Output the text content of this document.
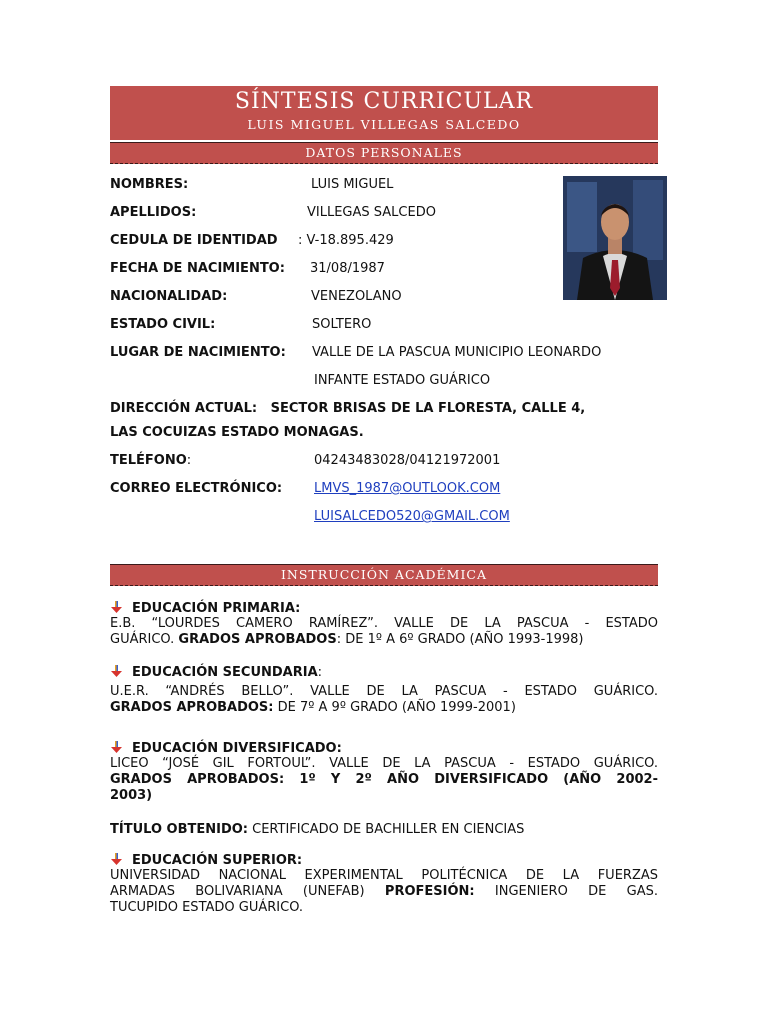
SÍNTESIS CURRICULAR
LUIS MIGUEL VILLEGAS SALCEDO
DATOS PERSONALES
NOMBRES:	LUIS MIGUEL
APELLIDOS:	VILLEGAS SALCEDO
CEDULA DE IDENTIDAD : V-18.895.429
FECHA DE NACIMIENTO: 31/08/1987
NACIONALIDAD:	VENEZOLANO
ESTADO CIVIL:	SOLTERO
LUGAR DE NACIMIENTO: VALLE DE LA PASCUA MUNICIPIO LEONARDO
INFANTE ESTADO GUÁRICO
DIRECCIÓN ACTUAL:   SECTOR BRISAS DE LA FLORESTA, CALLE 4,
LAS COCUIZAS ESTADO MONAGAS.
TELÉFONO:	04243483028/04121972001
CORREO ELECTRÓNICO: LMVS_1987@OUTLOOK.COM
LUISALCEDO520@GMAIL.COM
INSTRUCCIÓN ACADÉMICA
EDUCACIÓN PRIMARIA:
E.B. “LOURDES CAMERO RAMÍREZ”. VALLE DE LA PASCUA - ESTADO
GUÁRICO. GRADOS APROBADOS: DE 1º A 6º GRADO (AÑO 1993-1998)
EDUCACIÓN SECUNDARIA:
U.E.R. “ANDRÉS BELLO”. VALLE DE LA PASCUA - ESTADO GUÁRICO.
GRADOS APROBADOS: DE 7º A 9º GRADO (AÑO 1999-2001)
EDUCACIÓN DIVERSIFICADO:
LICEO “JOSÉ GIL FORTOUL”. VALLE DE LA PASCUA - ESTADO GUÁRICO.
GRADOS APROBADOS: 1º Y 2º AÑO DIVERSIFICADO (AÑO 2002-
2003)
TÍTULO OBTENIDO: CERTIFICADO DE BACHILLER EN CIENCIAS
EDUCACIÓN SUPERIOR:
UNIVERSIDAD NACIONAL EXPERIMENTAL POLITÉCNICA DE LA FUERZAS
ARMADAS BOLIVARIANA (UNEFAB) PROFESIÓN: INGENIERO DE GAS.
TUCUPIDO ESTADO GUÁRICO.
